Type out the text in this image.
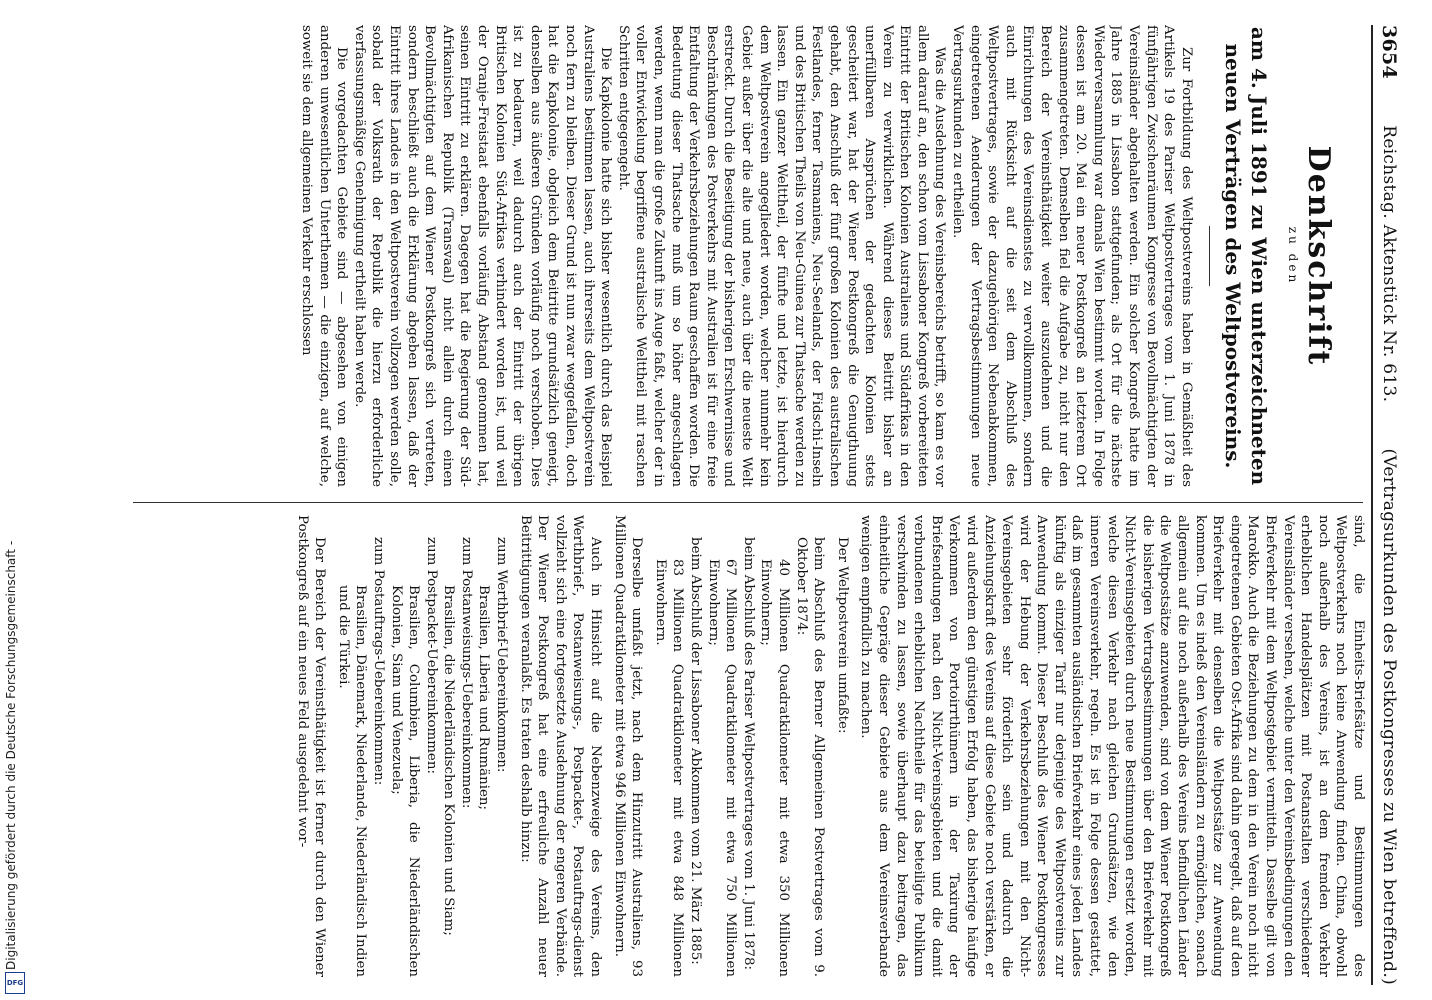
3654
Reichstag. Aktenstück Nr. 613.
(Vertragsurkunden des Postkongresses zu Wien betreffend.)
Denkschrift
zu den
am 4. Juli 1891 zu Wien unterzeichneten neuen Verträgen des Weltpostvereins.

Zur Fortbildung des Weltpostvereins haben in Gemäßheit des Artikels 19 des Pariser Weltpostvertrages vom 1. Juni 1878 in fünfjährigen Zwischenräumen Kongresse von Bevollmächtigten der Vereinsländer abgehalten werden. Ein solcher Kongreß hatte im Jahre 1885 in Lissabon stattgefunden; als Ort für die nächste Wiederversammlung war damals Wien bestimmt worden. In Folge dessen ist am 20. Mai ein neuer Postkongreß an letzterem Ort zusammengetreten. Demselben fiel die Aufgabe zu, nicht nur den Bereich der Vereinsthätigkeit weiter auszudehnen und die Einrichtungen des Vereinsdienstes zu vervollkommnen, sondern auch mit Rücksicht auf die seit dem Abschluß des Weltpostvertrages, sowie der dazugehörigen Nebenabkommen, eingetretenen Aenderungen der Vertragsbestimmungen neue Vertragsurkunden zu ertheilen.

Was die Ausdehnung des Vereinsbereichs betrifft, so kam es vor allem darauf an, den schon vom Lissaboner Kongreß vorbereiteten Eintritt der Britischen Kolonien Australiens und Südafrikas in den Verein zu verwirklichen. Während dieses Beitritt bisher an unerfüllbaren Ansprüchen der gedachten Kolonien stets gescheitert war, hat der Wiener Postkongreß die Genugthuung gehabt, den Anschluß der fünf großen Kolonien des australischen Festlandes, ferner Tasmaniens, Neu-Seelands, der Fidschi-Inseln und des Britischen Theils von Neu-Guinea zur Thatsache werden zu lassen. Ein ganzer Welttheil, der fünfte und letzte, ist hierdurch dem Weltpostverein angegliedert worden, welcher nunmehr kein Gebiet außer über die alte und neue, auch über die neueste Welt erstreckt. Durch die Beseitigung der bisherigen Erschwernisse und Beschränkungen des Postverkehrs mit Australien ist für eine freie Entfaltung der Verkehrsbeziehungen Raum geschaffen worden. Die Bedeutung dieser Thatsache muß um so höher angeschlagen werden, wenn man die große Zukunft ins Auge faßt, welcher der in voller Entwickelung begriffene australische Welttheil mit raschen Schritten entgegengeht.

Die Kapkolonie hatte sich bisher wesentlich durch das Beispiel Australiens bestimmen lassen, auch ihrerseits dem Weltpostverein noch fern zu bleiben. Dieser Grund ist nun zwar weggefallen, doch hat die Kapkolonie, obgleich dem Beitritte grundsätzlich geneigt, denselben aus äußeren Gründen vorläufig noch verschoben. Dies ist zu bedauern, weil dadurch auch der Eintritt der übrigen Britischen Kolonien Süd-Afrikas verhindert worden ist, und weil der Oranje-Freistaat ebenfalls vorläufig Abstand genommen hat, seinen Eintritt zu erklären. Dagegen hat die Regierung der Süd-Afrikanischen Republik (Transvaal) nicht allein durch einen Bevollmächtigten auf dem Wiener Postkongreß sich vertreten, sondern beschließt auch die Erklärung abgeben lassen, daß der Eintritt ihres Landes in den Weltpostverein vollzogen werden solle, sobald der Volksrath der Republik die hierzu erforderliche verfassungsmäßige Genehmigung ertheilt haben werde.

Die vorgedachten Gebiete sind — abgesehen von einigen anderen unwesentlichen Unterthemen — die einzigen, auf welche, soweit sie dem allgemeinen Verkehr erschlossen

sind, die Einheits-Briefsätze und Bestimmungen des Weltpostverkehrs noch keine Anwendung finden. China, obwohl noch außerhalb des Vereins, ist an dem fremden Verkehr erheblichen Handelsplätzen mit Postanstalten verschiedener Vereinsländer versehen, welche unter den Vereinsbedingungen den Briefverkehr mit dem Weltpostgebiet vermitteln. Dasselbe gilt von Marokko. Auch die Beziehungen zu dem in den Verein noch nicht eingetretenen Gebieten Ost-Afrika sind dahin geregelt, daß auf den Briefverkehr mit denselben die Weltpostsätze zur Anwendung kommen. Um es indeß den Vereinsländern zu ermöglichen, sonach allgemein auf die noch außerhalb des Vereins befindlichen Länder die Weltpostsätze anzuwenden, sind von dem Wiener Postkongreß die bisherigen Vertragsbestimmungen über den Briefverkehr mit Nicht-Vereinsgebieten durch neue Bestimmungen ersetzt worden, welche diesen Verkehr nach gleichen Grundsätzen, wie den inneren Vereinsverkehr, regeln. Es ist in Folge dessen gestattet, daß im gesammten ausländischen Briefverkehr eines jeden Landes künftig als einziger Tarif nur derjenige des Weltpostvereins zur Anwendung kommt. Dieser Beschluß des Wiener Postkongresses wird der Hebung der Verkehrsbeziehungen mit den Nicht-Vereinsgebieten sehr förderlich sein und dadurch die Anziehungskraft des Vereins auf diese Gebiete noch verstärken, er wird außerdem den günstigen Erfolg haben, das bisherige häufige Verkommen von Portoirrthümern in der Taxirung der Briefsendungen nach den Nicht-Vereinsgebieten und die damit verbundenen erheblichen Nachtheile für das beteiligte Publikum verschwinden zu lassen, sowie überhaupt dazu beitragen, das einheitliche Gepräge dieser Gebiete aus dem Vereinsverbande wenigen empfindlich zu machen.

Der Weltpostverein umfaßte:

beim Abschluß des Berner Allgemeinen Postvertrages vom 9. Oktober 1874:
40 Millionen Quadratkilometer mit etwa 350 Millionen Einwohnern;
beim Abschluß des Pariser Weltpostvertrages vom 1. Juni 1878:
67 Millionen Quadratkilometer mit etwa 750 Millionen Einwohnern;
beim Abschluß der Lissaboner Abkommen vom 21. März 1885:
83 Millionen Quadratkilometer mit etwa 848 Millionen Einwohnern.

Derselbe umfaßt jetzt, nach dem Hinzutritt Australiens, 93 Millionen Quadratkilometer mit etwa 946 Millionen Einwohnern.

Auch in Hinsicht auf die Nebenzweige des Vereins, den Werthbrief-, Postanweisungs-, Postpacket-, Postauftrags-dienst vollzieht sich eine fortgesetzte Ausdehnung der engeren Verbände. Der Wiener Postkongreß hat eine erfreuliche Anzahl neuer Beitrittigungen veranlaßt. Es traten deshalb hinzu:

zum Werthbrief-Uebereinkommen:
Brasilien, Liberia und Rumänien;
zum Postanweisungs-Uebereinkommen:
Brasilien, die Niederländischen Kolonien und Siam;
zum Postpacket-Uebereinkommen:
Brasilien, Columbien, Liberia, die Niederländischen Kolonien, Siam und Venezuela;
zum Postauftrags-Uebereinkommen:
Brasilien, Dänemark, Niederlande, Niederländisch Indien und die Türkei.

Der Bereich der Vereinsthätigkeit ist ferner durch den Wiener Postkongreß auf ein neues Feld ausgedehnt wor-

Digitalisierung gefördert durch die Deutsche Forschungsgemeinschaft -
DFG
